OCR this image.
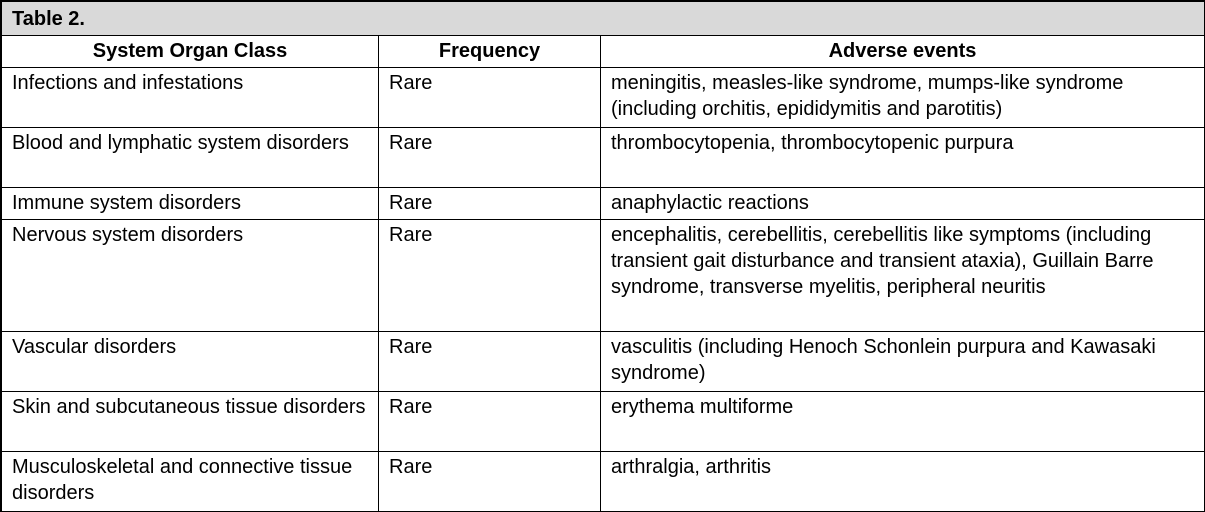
Table 2.		
System Organ Class	Frequency	Adverse events
Infections and infestations	Rare	meningitis, measles-like syndrome, mumps-like syndrome (including orchitis, epididymitis and parotitis)
Blood and lymphatic system disorders	Rare	thrombocytopenia, thrombocytopenic purpura
Immune system disorders	Rare	anaphylactic reactions
Nervous system disorders	Rare	encephalitis, cerebellitis, cerebellitis like symptoms (including transient gait disturbance and transient ataxia), Guillain Barre syndrome, transverse myelitis, peripheral neuritis
Vascular disorders	Rare	vasculitis (including Henoch Schonlein purpura and Kawasaki syndrome)
Skin and subcutaneous tissue disorders	Rare	erythema multiforme
Musculoskeletal and connective tissue disorders	Rare	arthralgia, arthritis
